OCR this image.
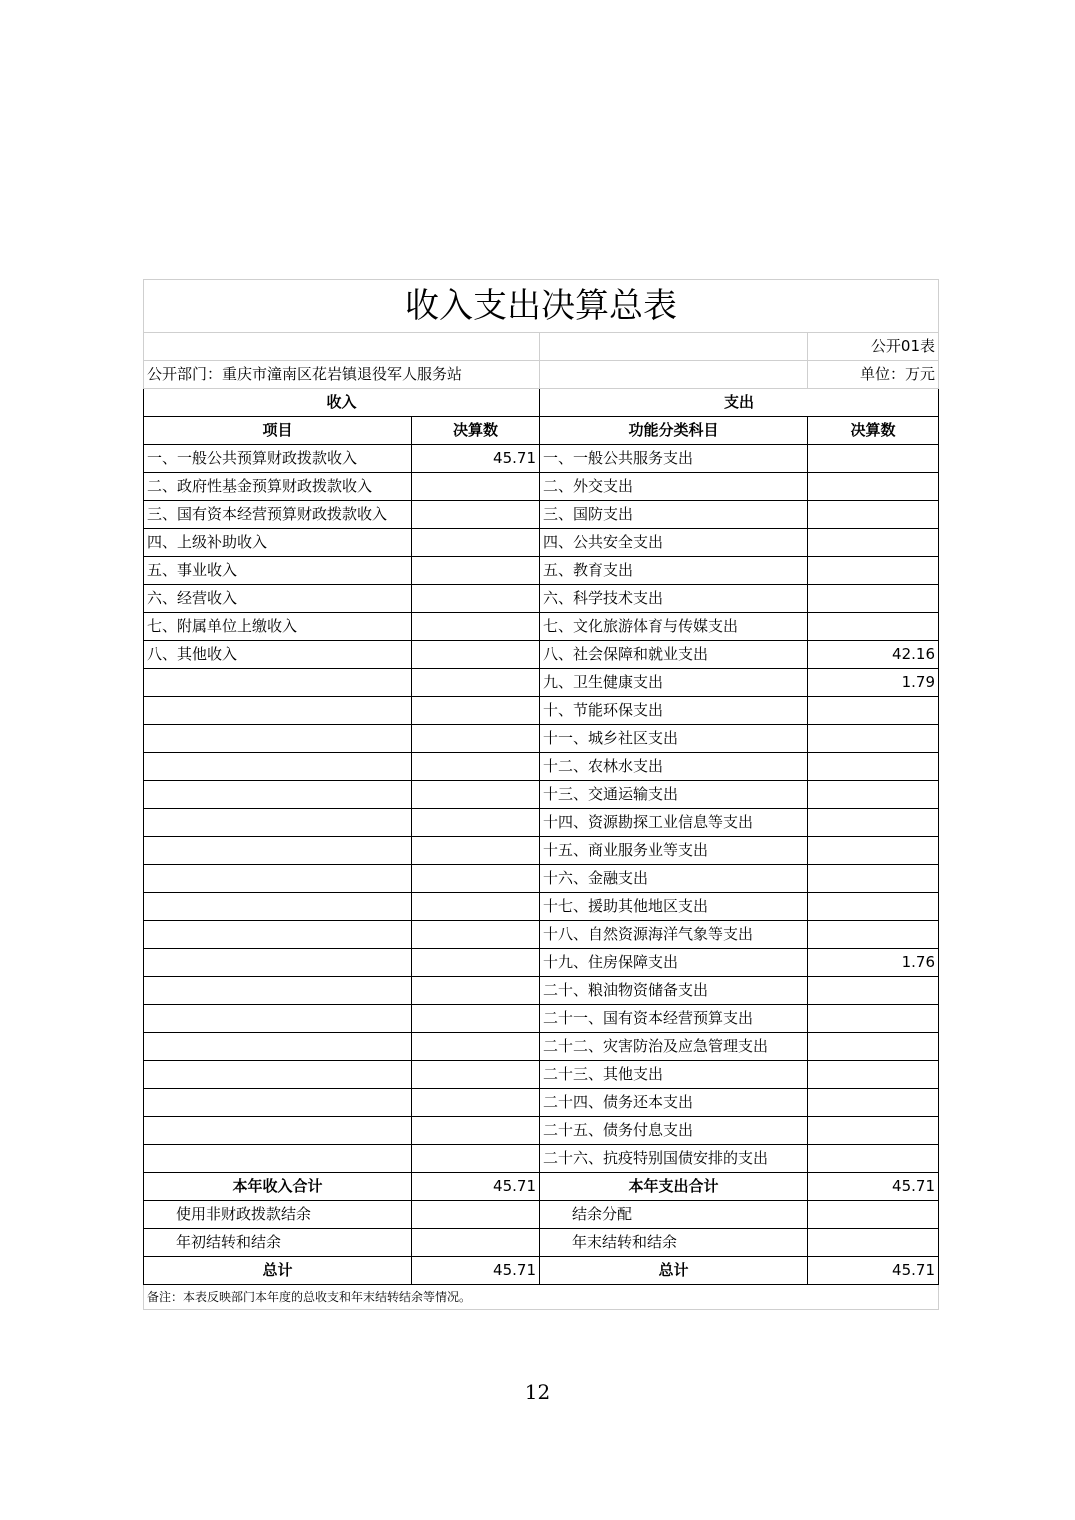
收入支出决算总表			
			公开01表
公开部门：重庆市潼南区花岩镇退役军人服务站			单位：万元
收入		支出	
项目	决算数	功能分类科目	决算数
一、一般公共预算财政拨款收入	45.71	一、一般公共服务支出	
二、政府性基金预算财政拨款收入		二、外交支出	
三、国有资本经营预算财政拨款收入		三、国防支出	
四、上级补助收入		四、公共安全支出	
五、事业收入		五、教育支出	
六、经营收入		六、科学技术支出	
七、附属单位上缴收入		七、文化旅游体育与传媒支出	
八、其他收入		八、社会保障和就业支出	42.16
		九、卫生健康支出	1.79
		十、节能环保支出	
		十一、城乡社区支出	
		十二、农林水支出	
		十三、交通运输支出	
		十四、资源勘探工业信息等支出	
		十五、商业服务业等支出	
		十六、金融支出	
		十七、援助其他地区支出	
		十八、自然资源海洋气象等支出	
		十九、住房保障支出	1.76
		二十、粮油物资储备支出	
		二十一、国有资本经营预算支出	
		二十二、灾害防治及应急管理支出	
		二十三、其他支出	
		二十四、债务还本支出	
		二十五、债务付息支出	
		二十六、抗疫特别国债安排的支出	
本年收入合计	45.71	本年支出合计	45.71
使用非财政拨款结余		结余分配	
年初结转和结余		年末结转和结余	
总计	45.71	总计	45.71
备注：本表反映部门本年度的总收支和年末结转结余等情况。			
12
